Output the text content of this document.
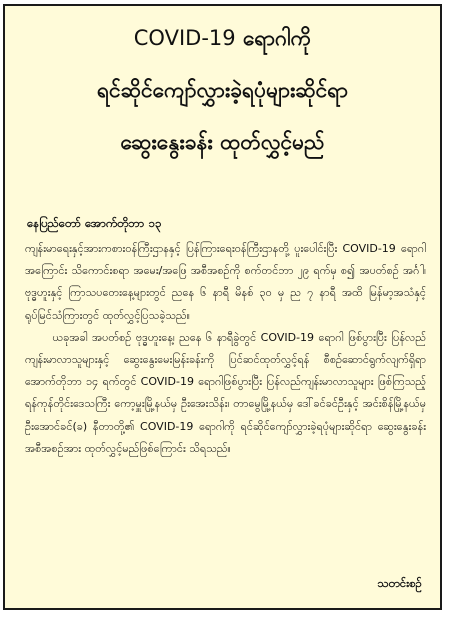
COVID-19 ရောဂါကို
ရင်ဆိုင်ကျော်လွှားခဲ့ရပုံများဆိုင်ရာ
ဆွေးနွေးခန်း ထုတ်လွှင့်မည်
နေပြည်တော် အောက်တိုဘာ ၁၃

ကျန်းမာရေးနှင့်အားကစားဝန်ကြီးဌာနနှင့် ပြန်ကြားရေးဝန်ကြီးဌာနတို့ ပူးပေါင်းပြီး COVID-19 ရောဂါအကြောင်း သိကောင်းစရာ အမေး/အဖြေ အစီအစဉ်ကို စက်တင်ဘာ ၂၉ ရက်မှ စ၍ အပတ်စဉ် အင်္ဂါ၊ ဗုဒ္ဓဟူးနှင့် ကြာသပတေးနေ့များတွင် ညနေ ၆ နာရီ မိနစ် ၃၀ မှ ည ၇ နာရီ အထိ မြန်မာ့အသံနှင့် ရုပ်မြင်သံကြားတွင် ထုတ်လွှင့်ပြသခဲ့သည်။

ယခုအခါ အပတ်စဉ် ဗုဒ္ဓဟူးနေ့၊ ညနေ ၆ နာရီခွဲတွင် COVID-19 ရောဂါ ဖြစ်ပွားပြီး ပြန်လည်ကျန်းမာလာသူများနှင့် ဆွေးနွေးမေးမြန်းခန်းကို ပြင်ဆင်ထုတ်လွှင့်ရန် စီစဉ်ဆောင်ရွက်လျက်ရှိရာ အောက်တိုဘာ ၁၄ ရက်တွင် COVID-19 ရောဂါဖြစ်ပွားပြီး ပြန်လည်ကျန်းမာလာသူများ ဖြစ်ကြသည့် ရန်ကုန်တိုင်းဒေသကြီး ကော့မှူးမြို့နယ်မှ ဦးအေးသိန်း၊ တာမွေမြို့နယ်မှ ဒေါ်ခင်ခင်ဦးနှင့် အင်းစိန်မြို့နယ်မှ ဦးအောင်ခင်(ခ) နီတာတို့၏ COVID-19 ရောဂါကို ရင်ဆိုင်ကျော်လွှားခဲ့ရပုံများဆိုင်ရာ ဆွေးနွေးခန်းအစီအစဉ်အား ထုတ်လွှင့်မည်ဖြစ်ကြောင်း သိရသည်။

သတင်းစဉ်
